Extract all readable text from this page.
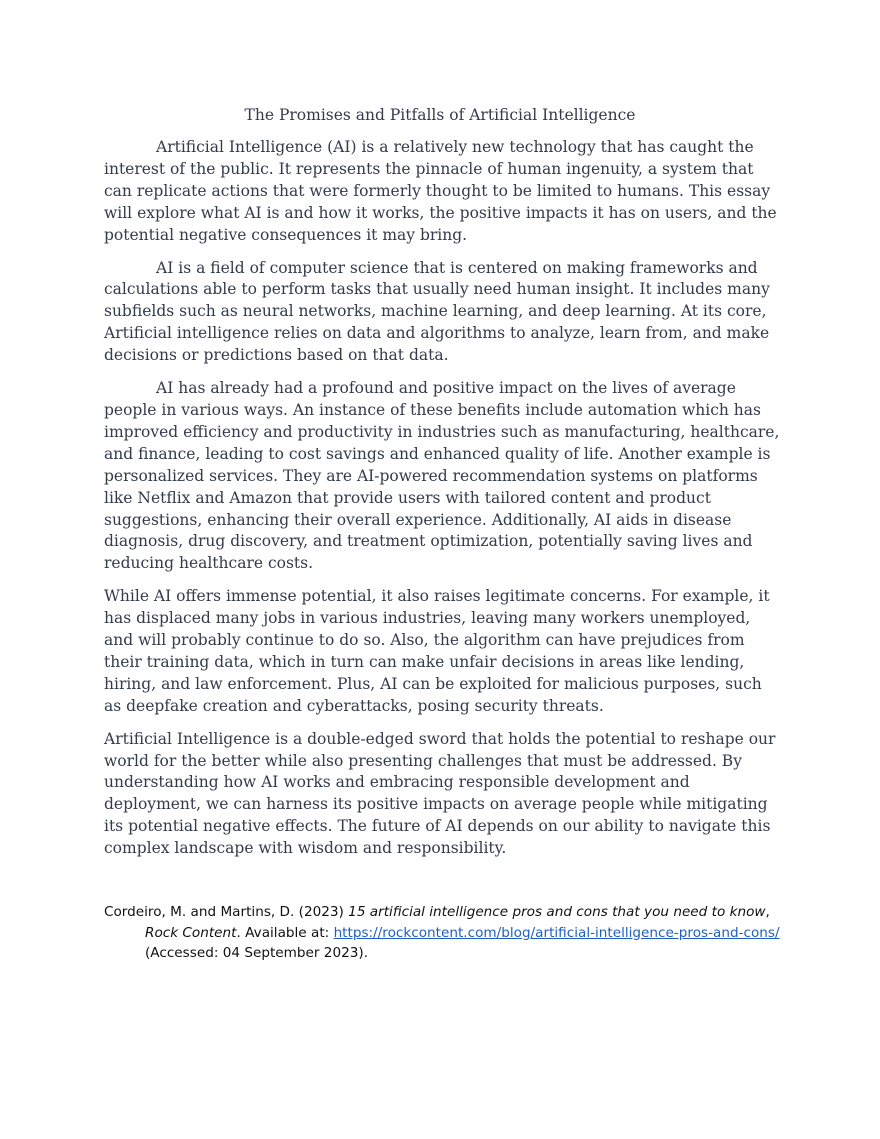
The Promises and Pitfalls of Artificial Intelligence

Artificial Intelligence (AI) is a relatively new technology that has caught the interest of the public. It represents the pinnacle of human ingenuity, a system that can replicate actions that were formerly thought to be limited to humans. This essay will explore what AI is and how it works, the positive impacts it has on users, and the potential negative consequences it may bring.

AI is a field of computer science that is centered on making frameworks and calculations able to perform tasks that usually need human insight. It includes many subfields such as neural networks, machine learning, and deep learning. At its core, Artificial intelligence relies on data and algorithms to analyze, learn from, and make decisions or predictions based on that data.

AI has already had a profound and positive impact on the lives of average people in various ways. An instance of these benefits include automation which has improved efficiency and productivity in industries such as manufacturing, healthcare, and finance, leading to cost savings and enhanced quality of life. Another example is personalized services. They are AI-powered recommendation systems on platforms like Netflix and Amazon that provide users with tailored content and product suggestions, enhancing their overall experience. Additionally, AI aids in disease diagnosis, drug discovery, and treatment optimization, potentially saving lives and reducing healthcare costs.

While AI offers immense potential, it also raises legitimate concerns. For example, it has displaced many jobs in various industries, leaving many workers unemployed, and will probably continue to do so. Also, the algorithm can have prejudices from their training data, which in turn can make unfair decisions in areas like lending, hiring, and law enforcement. Plus, AI can be exploited for malicious purposes, such as deepfake creation and cyberattacks, posing security threats.

Artificial Intelligence is a double-edged sword that holds the potential to reshape our world for the better while also presenting challenges that must be addressed. By understanding how AI works and embracing responsible development and deployment, we can harness its positive impacts on average people while mitigating its potential negative effects. The future of AI depends on our ability to navigate this complex landscape with wisdom and responsibility.

Cordeiro, M. and Martins, D. (2023) 15 artificial intelligence pros and cons that you need to know, Rock Content. Available at: https://rockcontent.com/blog/artificial-intelligence-pros-and-cons/ (Accessed: 04 September 2023).
